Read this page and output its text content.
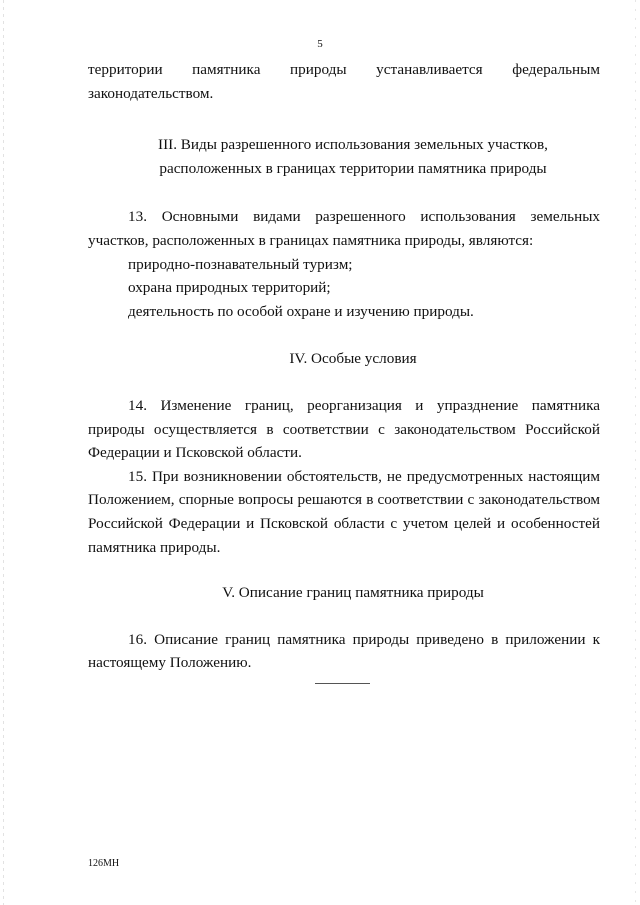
5

территории памятника природы устанавливается федеральным законодательством.

III. Виды разрешенного использования земельных участков,

расположенных в границах территории памятника природы

13. Основными видами разрешенного использования земельных участков, расположенных в границах памятника природы, являются:

природно-познавательный туризм;

охрана природных территорий;

деятельность по особой охране и изучению природы.

IV. Особые условия

14. Изменение границ, реорганизация и упразднение памятника природы осуществляется в соответствии с законодательством Российской Федерации и Псковской области.

15. При возникновении обстоятельств, не предусмотренных настоящим Положением, спорные вопросы решаются в соответствии с законодательством Российской Федерации и Псковской области с учетом целей и особенностей памятника природы.

V. Описание границ памятника природы

16. Описание границ памятника природы приведено в приложении к настоящему Положению.

126МН
